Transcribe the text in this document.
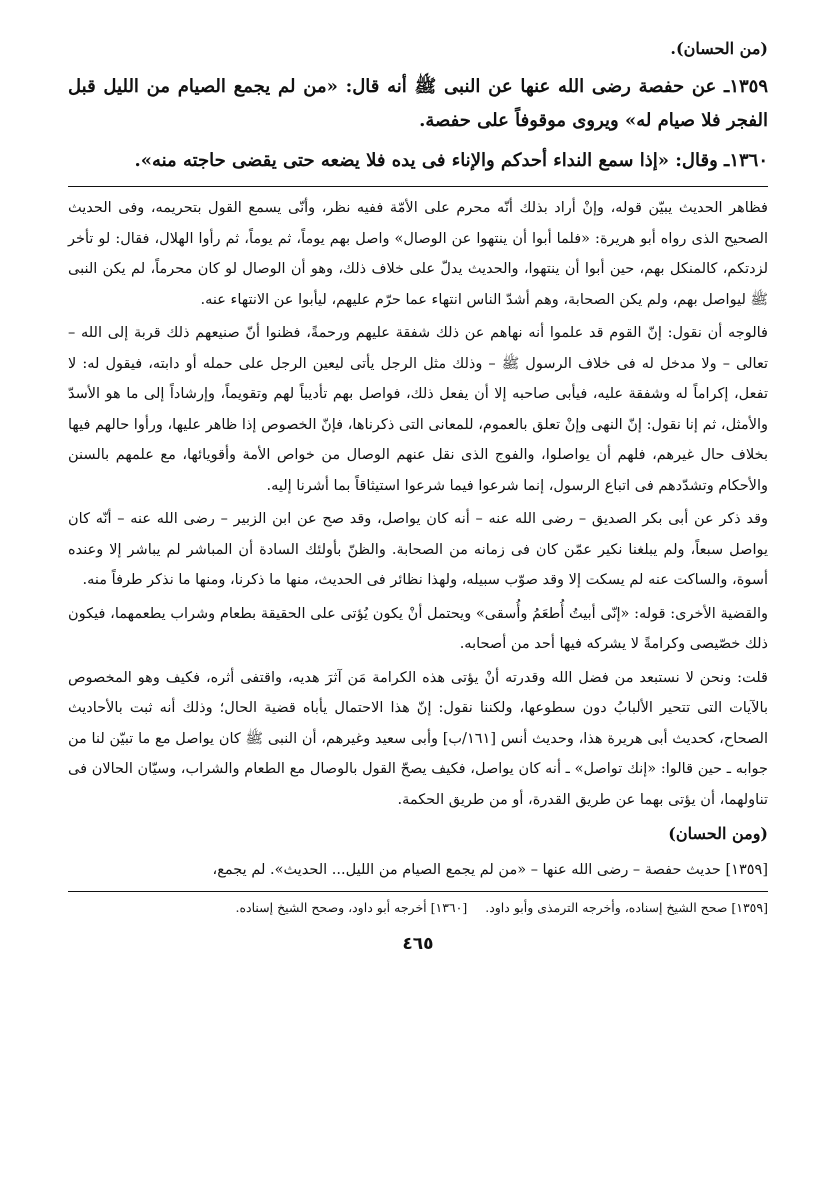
(من الحسان).

١٣٥٩ـ عن حفصة رضى الله عنها عن النبى ﷺ أنه قال: «من لم يجمع الصيام من الليل قبل الفجر فلا صيام له» ويروى موقوفاً على حفصة.

١٣٦٠ـ وقال: «إذا سمع النداء أحدكم والإناء فى يده فلا يضعه حتى يقضى حاجته منه».

فظاهر الحديث يبيّن قوله، وإنْ أراد بذلك أنّه محرم على الأمّة ففيه نظر، وأنّى يسمع القول بتحريمه، وفى الحديث الصحيح الذى رواه أبو هريرة: «فلما أبوا أن ينتهوا عن الوصال» واصل بهم يوماً، ثم يوماً، ثم رأوا الهلال، فقال: لو تأخر لزدتكم، كالمنكل بهم، حين أبوا أن ينتهوا، والحديث يدلّ على خلاف ذلك، وهو أن الوصال لو كان محرماً، لم يكن النبى ﷺ ليواصل بهم، ولم يكن الصحابة، وهم أشدّ الناس انتهاء عما حرّم عليهم، ليأبوا عن الانتهاء عنه.

فالوجه أن نقول: إنّ القوم قد علموا أنه نهاهم عن ذلك شفقة عليهم ورحمةً، فظنوا أنّ صنيعهم ذلك قربة إلى الله – تعالى – ولا مدخل له فى خلاف الرسول ﷺ – وذلك مثل الرجل يأتى ليعين الرجل على حمله أو دابته، فيقول له: لا تفعل، إكراماً له وشفقة عليه، فيأبى صاحبه إلا أن يفعل ذلك، فواصل بهم تأديباً لهم وتقويماً، وإرشاداً إلى ما هو الأسدّ والأمثل، ثم إنا نقول: إنّ النهى وإنْ تعلق بالعموم، للمعانى التى ذكرناها، فإنّ الخصوص إذا ظاهر عليها، ورأوا حالهم فيها بخلاف حال غيرهم، فلهم أن يواصلوا، والفوج الذى نقل عنهم الوصال من خواص الأمة وأقويائها، مع علمهم بالسنن والأحكام وتشدّدهم فى اتباع الرسول، إنما شرعوا فيما شرعوا استيثاقاً بما أشرنا إليه.

وقد ذكر عن أبى بكر الصديق – رضى الله عنه – أنه كان يواصل، وقد صح عن ابن الزبير – رضى الله عنه – أنّه كان يواصل سبعاً، ولم يبلغنا نكير عمّن كان فى زمانه من الصحابة. والظنّ بأولئك السادة أن المباشر لم يباشر إلا وعنده أسوة، والساكت عنه لم يسكت إلا وقد صوّب سبيله، ولهذا نظائر فى الحديث، منها ما ذكرنا، ومنها ما نذكر طرفاً منه.

والقضية الأخرى: قوله: «إنّى أبيتُ أُطعَمُ وأُسقى» ويحتمل أنْ يكون يُؤتى على الحقيقة بطعام وشراب يطعمهما، فيكون ذلك خصّيصى وكرامةً لا يشركه فيها أحد من أصحابه.

قلت: ونحن لا نستبعد من فضل الله وقدرته أنْ يؤتى هذه الكرامة مَن آثرَ هديه، واقتفى أثره، فكيف وهو المخصوص بالآيات التى تتحير الألبابُ دون سطوعها، ولكننا نقول: إنّ هذا الاحتمال يأباه قضية الحال؛ وذلك أنه ثبت بالأحاديث الصحاح، كحديث أبى هريرة هذا، وحديث أنس [١٦١/ب] وأبى سعيد وغيرهم، أن النبى ﷺ كان يواصل مع ما تبيّن لنا من جوابه ـ حين قالوا: «إنك تواصل» ـ أنه كان يواصل، فكيف يصحّ القول بالوصال مع الطعام والشراب، وسيّان الحالان فى تناولهما، أن يؤتى بهما عن طريق القدرة، أو من طريق الحكمة.

(ومن الحسان)
[١٣٥٩] حديث حفصة – رضى الله عنها – «من لم يجمع الصيام من الليل... الحديث». لم يجمع،
[١٣٥٩] صحح الشيخ إسناده، وأخرجه الترمذى وأبو داود. [١٣٦٠] أخرجه أبو داود، وصحح الشيخ إسناده.
٤٦٥
